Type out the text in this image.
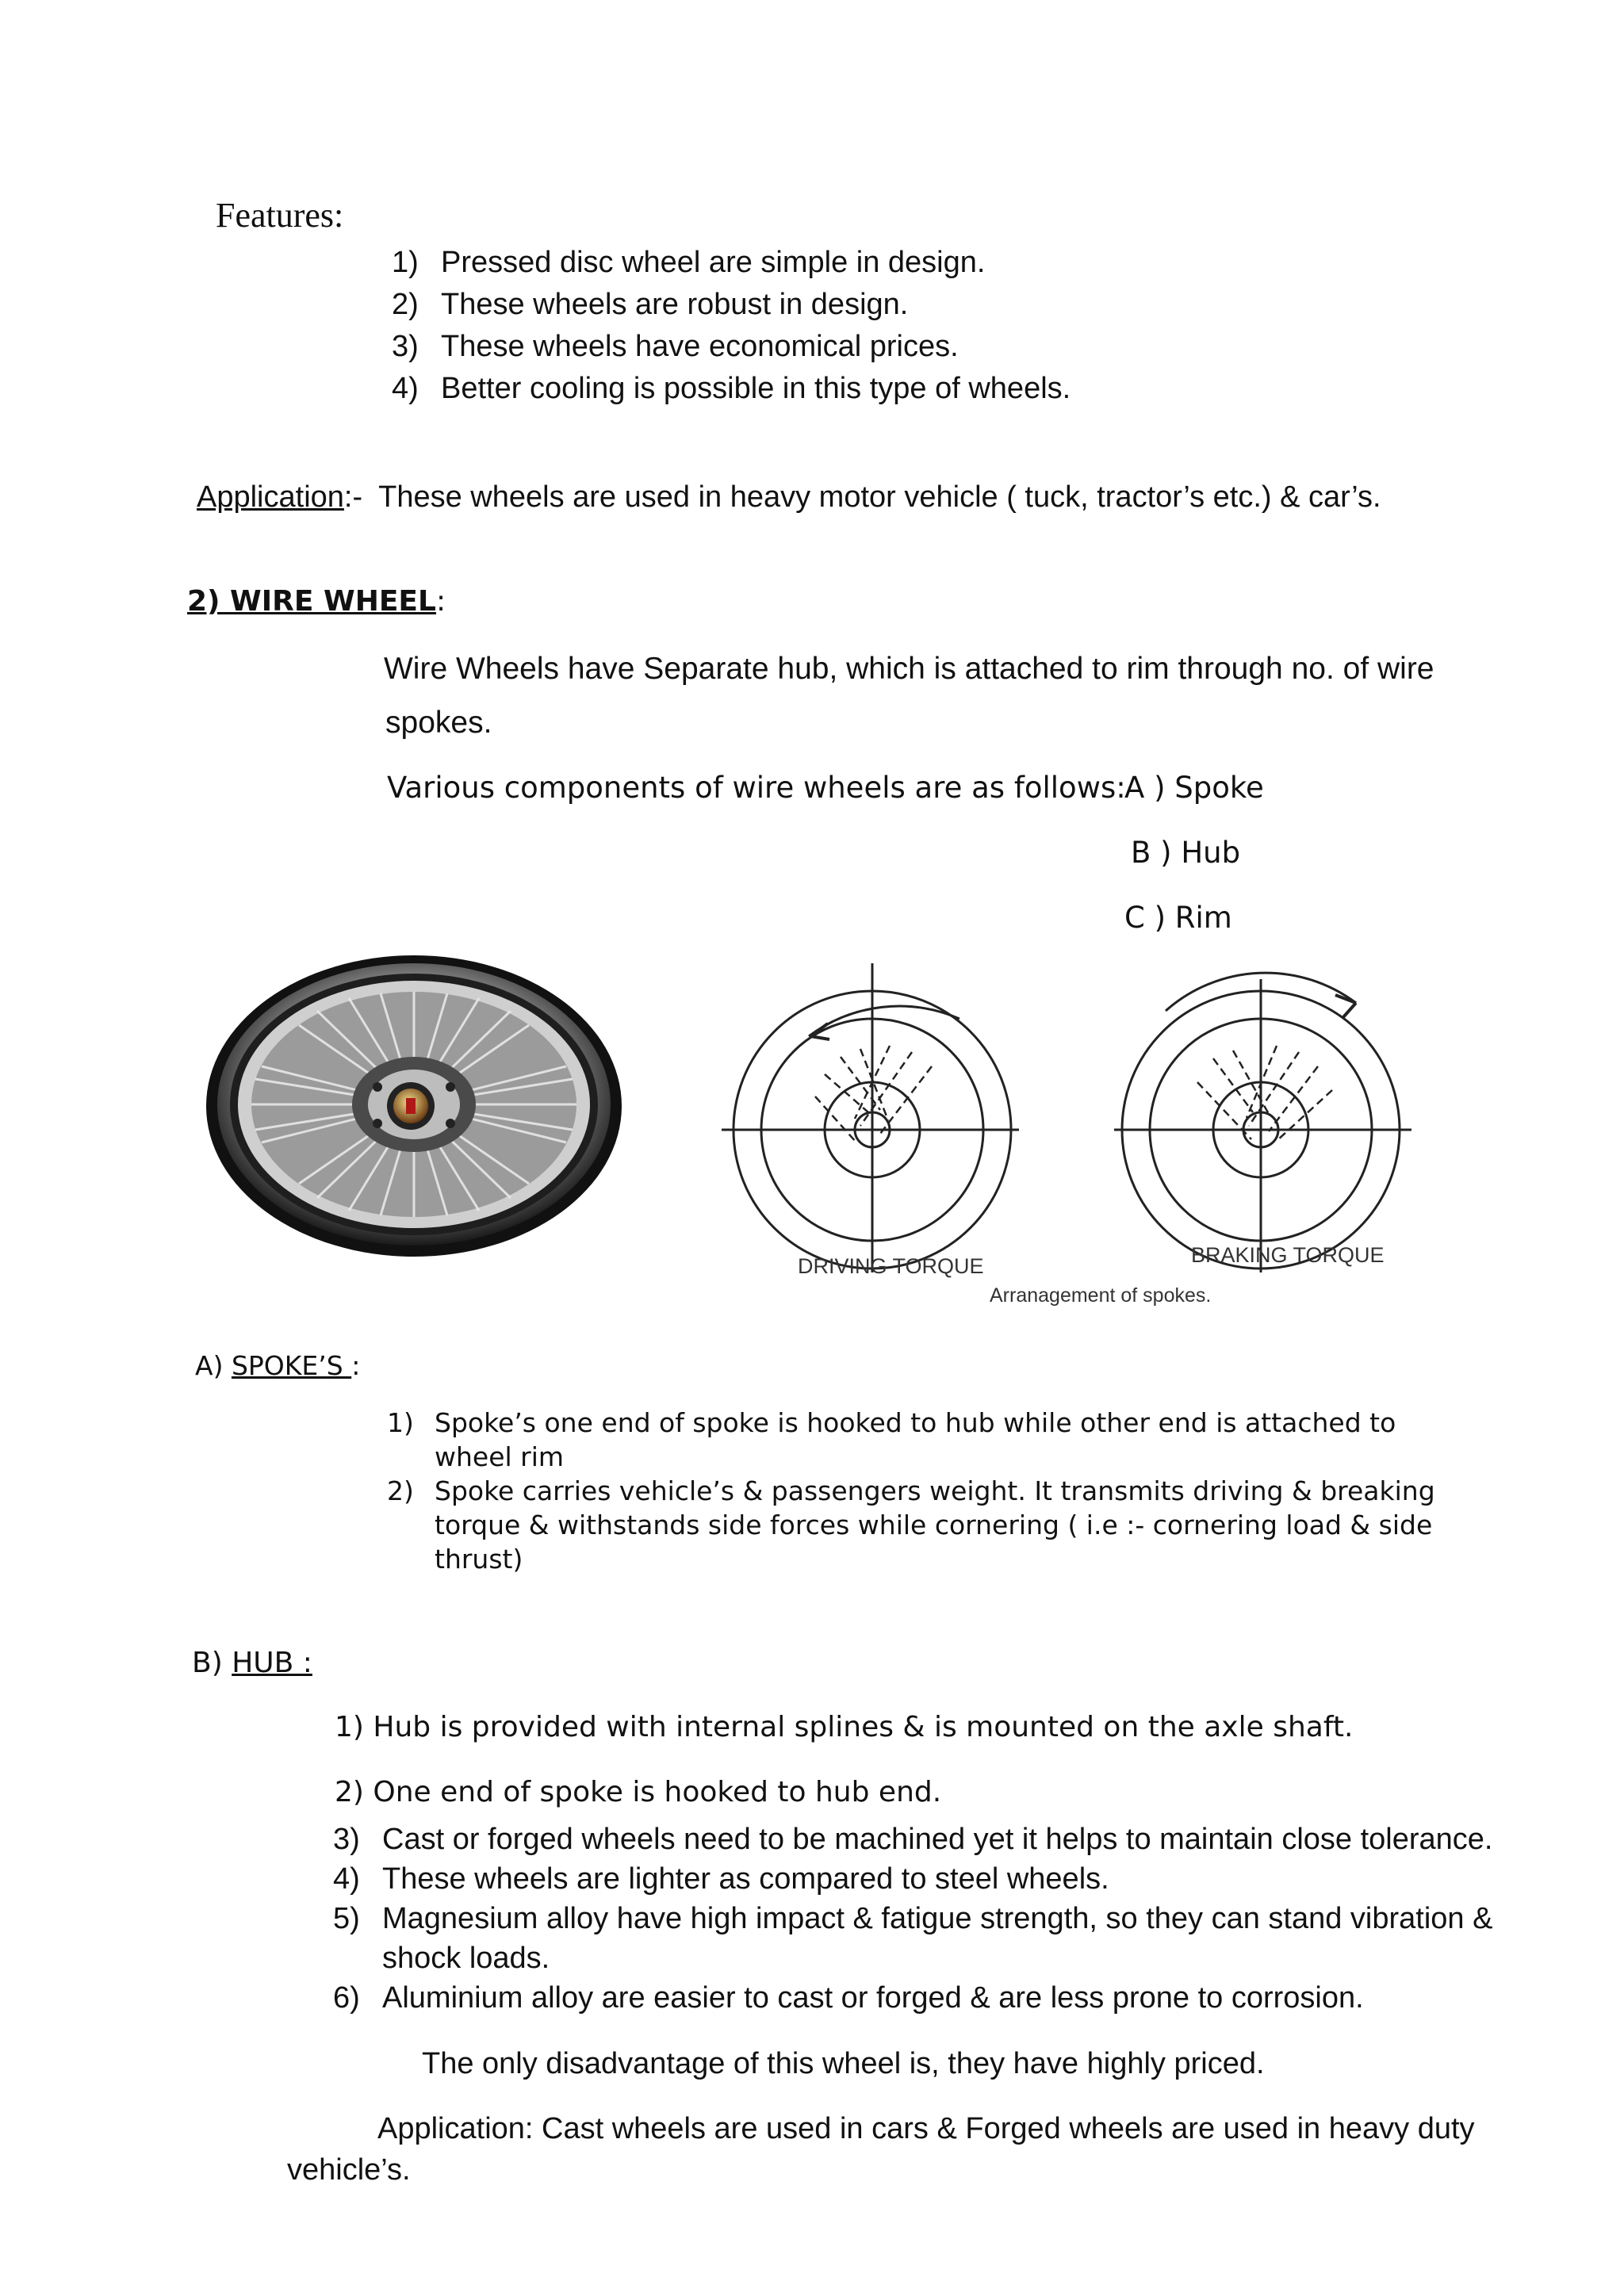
Features:
1) Pressed disc wheel are simple in design.
2) These wheels are robust in design.
3) These wheels have economical prices.
4) Better cooling is possible in this type of wheels.
Application:- These wheels are used in heavy motor vehicle ( tuck, tractor’s etc.) & car’s.
2) WIRE WHEEL:
Wire Wheels have Separate hub, which is attached to rim through no. of wire
spokes.
Various components of wire wheels are as follows:
A ) Spoke
B ) Hub
C ) Rim
DRIVING TORQUE	BRAKING TORQUE
Arranagement of spokes.
A) SPOKE’S :
1) Spoke’s one end of spoke is hooked to hub while other end is attached to
wheel rim
2) Spoke carries vehicle’s & passengers weight. It transmits driving & breaking
torque & withstands side forces while cornering ( i.e :- cornering load & side
thrust)
B) HUB :
1) Hub is provided with internal splines & is mounted on the axle shaft.
2) One end of spoke is hooked to hub end.
3) Cast or forged wheels need to be machined yet it helps to maintain close tolerance.
4) These wheels are lighter as compared to steel wheels.
5) Magnesium alloy have high impact & fatigue strength, so they can stand vibration &
shock loads.
6) Aluminium alloy are easier to cast or forged & are less prone to corrosion.
The only disadvantage of this wheel is, they have highly priced.
Application: Cast wheels are used in cars & Forged wheels are used in heavy duty
vehicle’s.
